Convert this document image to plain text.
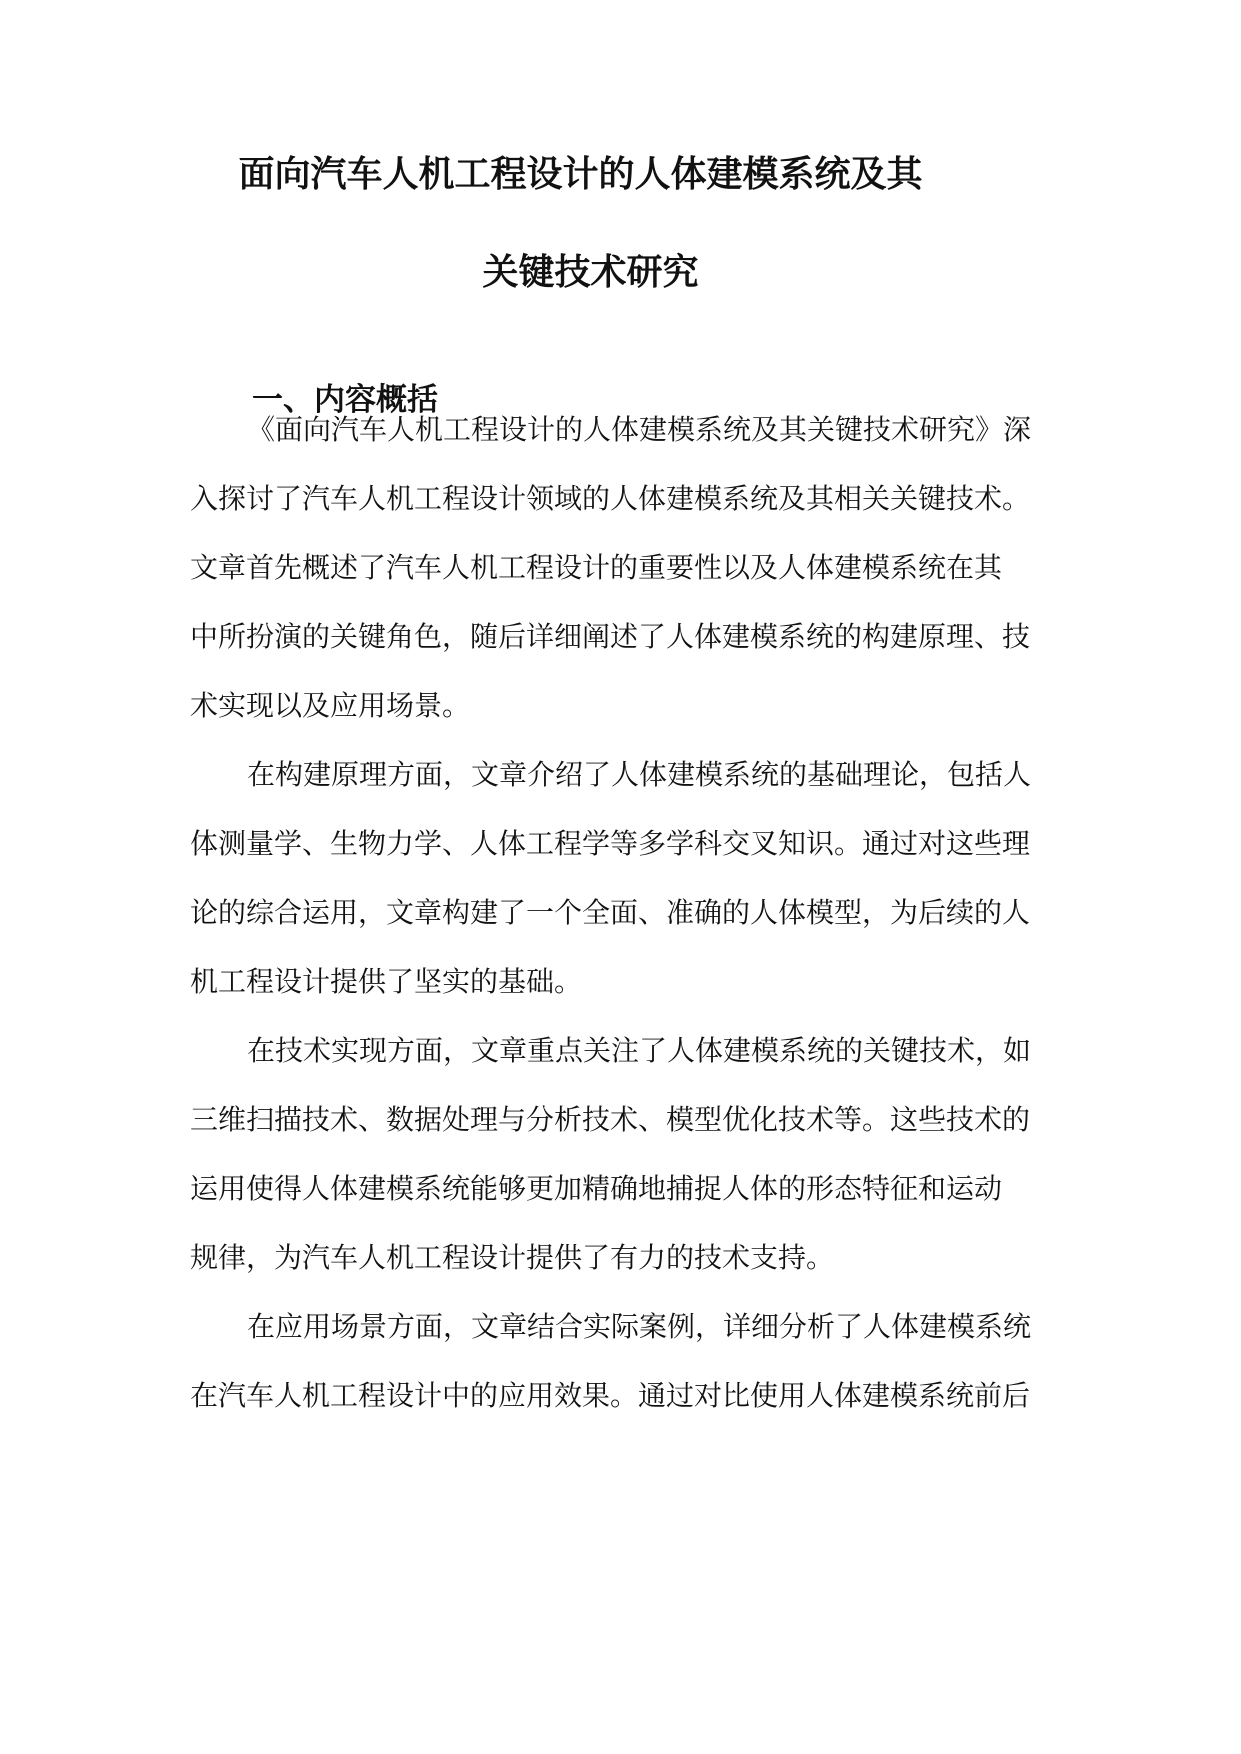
面向汽车人机工程设计的人体建模系统及其
关键技术研究
一、内容概括
《面向汽车人机工程设计的人体建模系统及其关键技术研究》深
入探讨了汽车人机工程设计领域的人体建模系统及其相关关键技术。
文章首先概述了汽车人机工程设计的重要性以及人体建模系统在其
中所扮演的关键角色，随后详细阐述了人体建模系统的构建原理、技
术实现以及应用场景。
在构建原理方面，文章介绍了人体建模系统的基础理论，包括人
体测量学、生物力学、人体工程学等多学科交叉知识。通过对这些理
论的综合运用，文章构建了一个全面、准确的人体模型，为后续的人
机工程设计提供了坚实的基础。
在技术实现方面，文章重点关注了人体建模系统的关键技术，如
三维扫描技术、数据处理与分析技术、模型优化技术等。这些技术的
运用使得人体建模系统能够更加精确地捕捉人体的形态特征和运动
规律，为汽车人机工程设计提供了有力的技术支持。
在应用场景方面，文章结合实际案例，详细分析了人体建模系统
在汽车人机工程设计中的应用效果。通过对比使用人体建模系统前后
